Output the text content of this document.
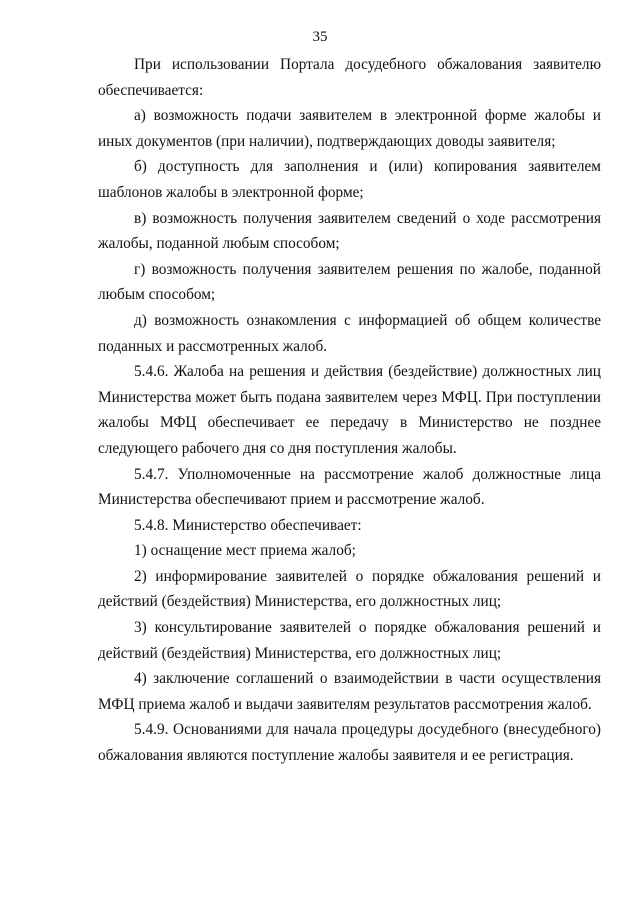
35

При использовании Портала досудебного обжалования заявителю обеспечивается:

а) возможность подачи заявителем в электронной форме жалобы и иных документов (при наличии), подтверждающих доводы заявителя;

б) доступность для заполнения и (или) копирования заявителем шаблонов жалобы в электронной форме;

в) возможность получения заявителем сведений о ходе рассмотрения жалобы, поданной любым способом;

г) возможность получения заявителем решения по жалобе, поданной любым способом;

д) возможность ознакомления с информацией об общем количестве поданных и рассмотренных жалоб.

5.4.6. Жалоба на решения и действия (бездействие) должностных лиц Министерства может быть подана заявителем через МФЦ. При поступлении жалобы МФЦ обеспечивает ее передачу в Министерство не позднее следующего рабочего дня со дня поступления жалобы.

5.4.7. Уполномоченные на рассмотрение жалоб должностные лица Министерства обеспечивают прием и рассмотрение жалоб.

5.4.8. Министерство обеспечивает:

1) оснащение мест приема жалоб;

2) информирование заявителей о порядке обжалования решений и действий (бездействия) Министерства, его должностных лиц;

3) консультирование заявителей о порядке обжалования решений и действий (бездействия) Министерства, его должностных лиц;

4) заключение соглашений о взаимодействии в части осуществления МФЦ приема жалоб и выдачи заявителям результатов рассмотрения жалоб.

5.4.9. Основаниями для начала процедуры досудебного (внесудебного) обжалования являются поступление жалобы заявителя и ее регистрация.
